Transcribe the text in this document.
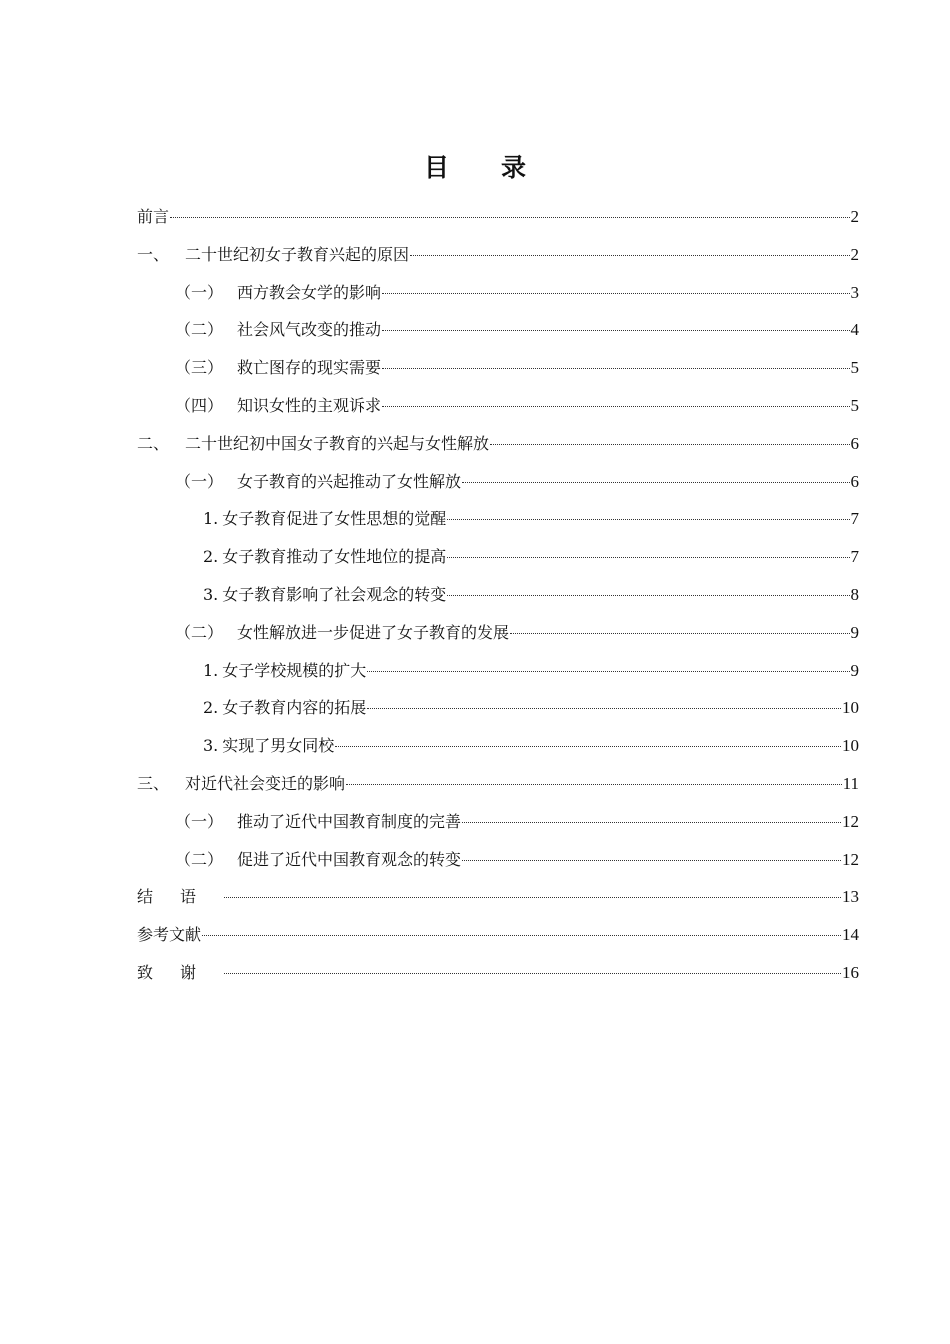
目 录
前言	2
一、 二十世纪初女子教育兴起的原因	2
（一） 西方教会女学的影响	3
（二） 社会风气改变的推动	4
（三） 救亡图存的现实需要	5
（四） 知识女性的主观诉求	5
二、 二十世纪初中国女子教育的兴起与女性解放	6
（一） 女子教育的兴起推动了女性解放	6
1. 女子教育促进了女性思想的觉醒	7
2. 女子教育推动了女性地位的提高	7
3. 女子教育影响了社会观念的转变	8
（二） 女性解放进一步促进了女子教育的发展	9
1. 女子学校规模的扩大	9
2. 女子教育内容的拓展	10
3. 实现了男女同校	10
三、 对近代社会变迁的影响	11
（一） 推动了近代中国教育制度的完善	12
（二） 促进了近代中国教育观念的转变	12
结语	13
参考文献	14
致谢	16
